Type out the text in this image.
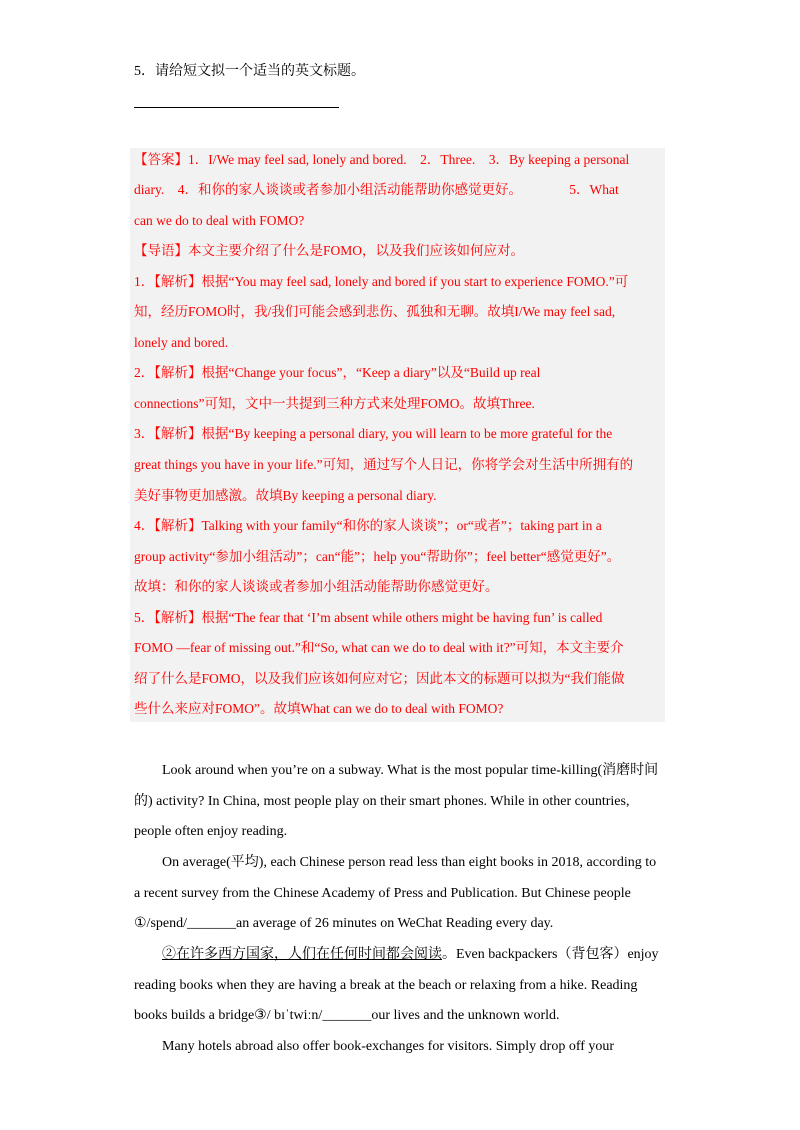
5．请给短文拟一个适当的英文标题。
【答案】1．I/We may feel sad, lonely and bored.　2．Three.　3．By keeping a personal
diary.　4．和你的家人谈谈或者参加小组活动能帮助你感觉更好。　　　　5．What
can we do to deal with FOMO?
【导语】本文主要介绍了什么是FOMO，以及我们应该如何应对。
1．【解析】根据“You may feel sad, lonely and bored if you start to experience FOMO.”可
知，经历FOMO时，我/我们可能会感到悲伤、孤独和无聊。故填I/We may feel sad,
lonely and bored.
2．【解析】根据“Change your focus”，“Keep a diary”以及“Build up real
connections”可知，文中一共提到三种方式来处理FOMO。故填Three.
3．【解析】根据“By keeping a personal diary, you will learn to be more grateful for the
great things you have in your life.”可知，通过写个人日记，你将学会对生活中所拥有的
美好事物更加感激。故填By keeping a personal diary.
4．【解析】Talking with your family“和你的家人谈谈”；or“或者”；taking part in a
group activity“参加小组活动”；can“能”；help you“帮助你”；feel better“感觉更好”。
故填：和你的家人谈谈或者参加小组活动能帮助你感觉更好。
5．【解析】根据“The fear that ‘I’m absent while others might be having fun’ is called
FOMO —fear of missing out.”和“So, what can we do to deal with it?”可知，本文主要介
绍了什么是FOMO，以及我们应该如何应对它；因此本文的标题可以拟为“我们能做
些什么来应对FOMO”。故填What can we do to deal with FOMO?
Look around when you’re on a subway. What is the most popular time-killing(消磨时间
的) activity? In China, most people play on their smart phones. While in other countries,
people often enjoy reading.
On average(平均), each Chinese person read less than eight books in 2018, according to
a recent survey from the Chinese Academy of Press and Publication. But Chinese people
①/spend/_______an average of 26 minutes on WeChat Reading every day.
②在许多西方国家，人们在任何时间都会阅读。Even backpackers（背包客）enjoy
reading books when they are having a break at the beach or relaxing from a hike. Reading
books builds a bridge③/ bɪˈtwiːn/_______our lives and the unknown world.
Many hotels abroad also offer book-exchanges for visitors. Simply drop off your
